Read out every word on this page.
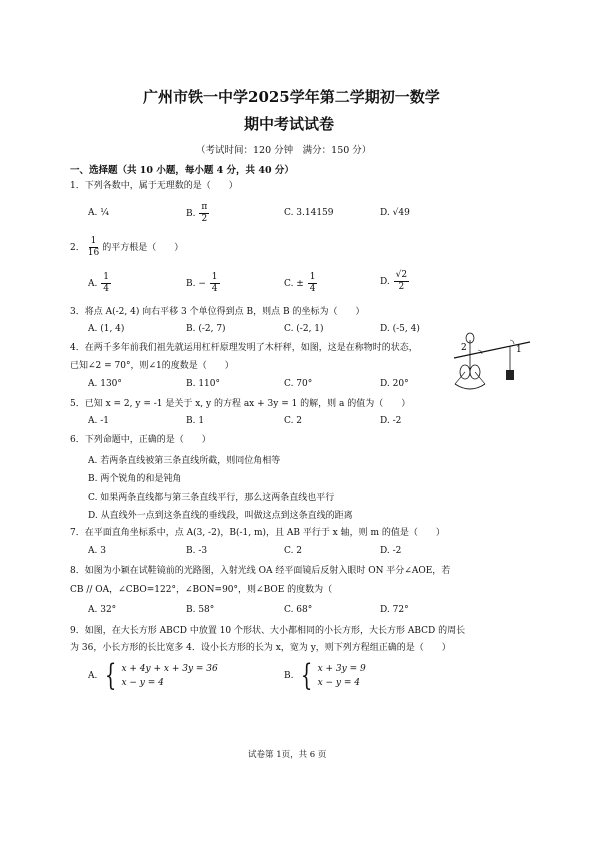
广州市铁一中学2025学年第二学期初一数学
期中考试试卷
（考试时间：120 分钟　满分：150 分）
一、选择题（共 10 小题，每小题 4 分，共 40 分）
1．下列各数中，属于无理数的是（　　）
A. ¼	B. $\frac{\pi}{2}$	C. 3.14159	D. √49
2． $\frac{1}{16}$ 的平方根是（　　）
A. $\frac{1}{4}$	B. − $\frac{1}{4}$	C. ± $\frac{1}{4}$	D. $\frac{√2}{2}$
3．将点 A(-2, 4) 向右平移 3 个单位得到点 B，则点 B 的坐标为（　　）
A. (1, 4)	B. (-2, 7)	C. (-2, 1)	D. (-5, 4)
4．在两千多年前我们祖先就运用杠杆原理发明了木杆秤，如图，这是在称物时的状态，
已知∠2 = 70°，则∠1的度数是（　　）
A. 130°	B. 110°	C. 70°	D. 20°
2	1
5．已知 x = 2, y = -1 是关于 x, y 的方程 ax + 3y = 1 的解，则 a 的值为（　　）
A. -1	B. 1	C. 2	D. -2
6．下列命题中，正确的是（　　）
A. 若两条直线被第三条直线所截，则同位角相等
B. 两个锐角的和是钝角
C. 如果两条直线都与第三条直线平行，那么这两条直线也平行
D. 从直线外一点到这条直线的垂线段，叫做这点到这条直线的距离
7．在平面直角坐标系中，点 A(3, -2)，B(-1, m)，且 AB 平行于 x 轴，则 m 的值是（　　）
A. 3	B. -3	C. 2	D. -2
8．如图为小颖在试鞋镜前的光路图，入射光线 OA 经平面镜后反射入眼时 ON 平分∠AOE，若
CB // OA，∠CBO=122°，∠BON=90°，则∠BOE 的度数为（　　
A. 32°	B. 58°	C. 68°	D. 72°
9．如图，在大长方形 ABCD 中放置 10 个形状、大小都相同的小长方形，大长方形 ABCD 的周长
为 36，小长方形的长比宽多 4．设小长方形的长为 x，宽为 y，则下列方程组正确的是（　　）
A. { x + 4y + x + 3y = 36
x − y = 4
B. { x + 3y = 9
x − y = 4
试卷第 1页，共 6 页
